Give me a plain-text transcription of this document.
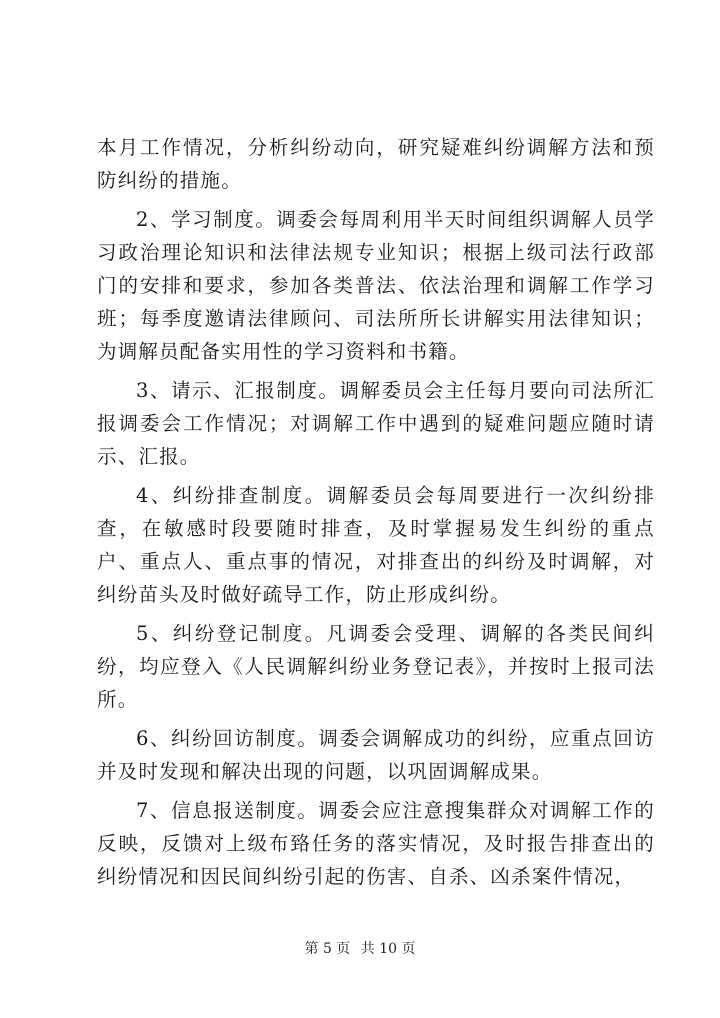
本月工作情况，分析纠纷动向，研究疑难纠纷调解方法和预防纠纷的措施。

2、学习制度。调委会每周利用半天时间组织调解人员学习政治理论知识和法律法规专业知识；根据上级司法行政部门的安排和要求，参加各类普法、依法治理和调解工作学习班；每季度邀请法律顾问、司法所所长讲解实用法律知识；为调解员配备实用性的学习资料和书籍。

3、请示、汇报制度。调解委员会主任每月要向司法所汇报调委会工作情况；对调解工作中遇到的疑难问题应随时请示、汇报。

4、纠纷排查制度。调解委员会每周要进行一次纠纷排查，在敏感时段要随时排查，及时掌握易发生纠纷的重点户、重点人、重点事的情况，对排查出的纠纷及时调解，对纠纷苗头及时做好疏导工作，防止形成纠纷。

5、纠纷登记制度。凡调委会受理、调解的各类民间纠纷，均应登入《人民调解纠纷业务登记表》，并按时上报司法所。

6、纠纷回访制度。调委会调解成功的纠纷，应重点回访并及时发现和解决出现的问题，以巩固调解成果。

7、信息报送制度。调委会应注意搜集群众对调解工作的反映，反馈对上级布臵任务的落实情况，及时报告排查出的纠纷情况和因民间纠纷引起的伤害、自杀、凶杀案件情况，

第 5 页 共 10 页
